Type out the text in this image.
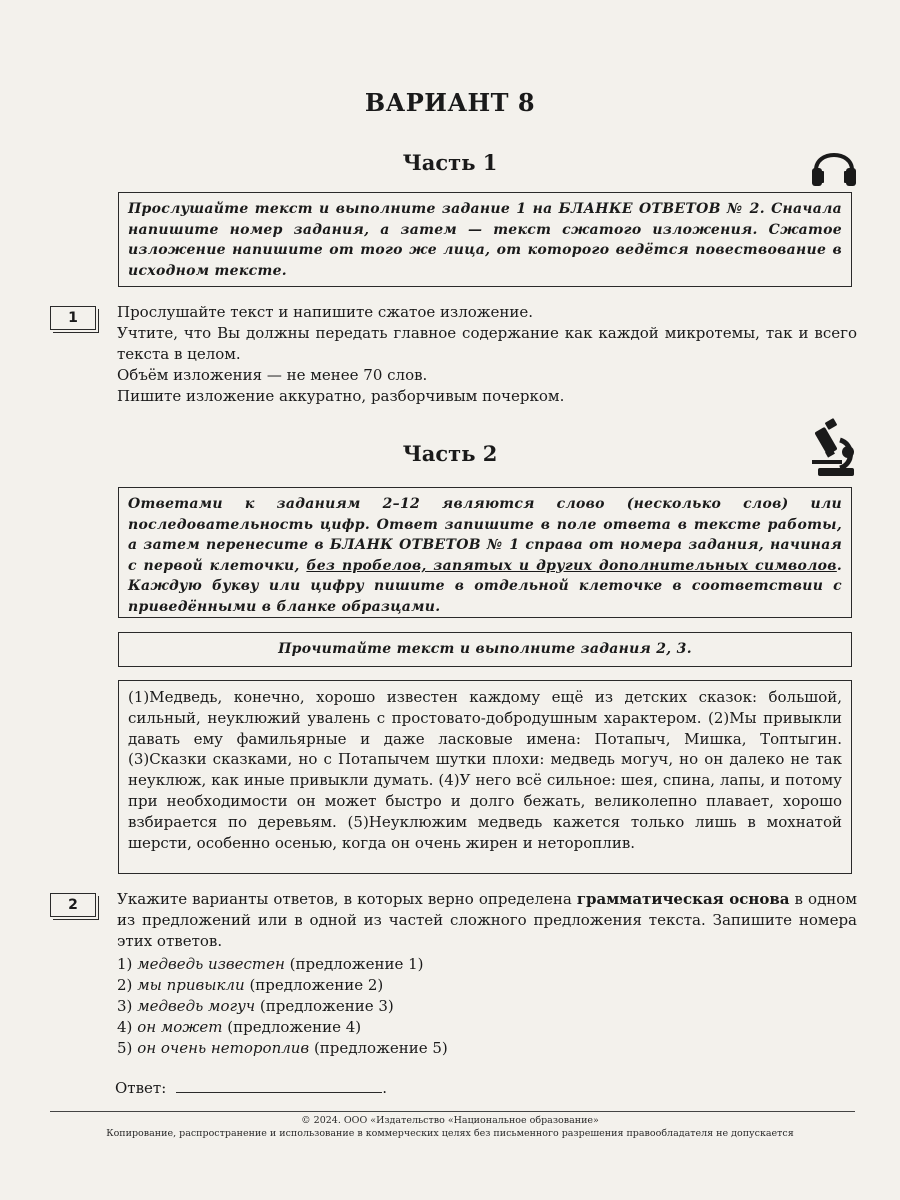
ВАРИАНТ 8
Часть 1
Прослушайте текст и выполните задание 1 на БЛАНКЕ ОТВЕТОВ № 2. Сначала напишите номер задания, а затем — текст сжатого изложения. Сжатое изложение напишите от того же лица, от которого ведётся повествование в исходном тексте.
1	Прослушайте текст и напишите сжатое изложение.

Учтите, что Вы должны передать главное содержание как каждой микротемы, так и всего текста в целом.

Объём изложения — не менее 70 слов.

Пишите изложение аккуратно, разборчивым почерком.

Часть 2
Ответами к заданиям 2–12 являются слово (несколько слов) или последовательность цифр. Ответ запишите в поле ответа в тексте работы, а затем перенесите в БЛАНК ОТВЕТОВ № 1 справа от номера задания, начиная с первой клеточки, без пробелов, запятых и других дополнительных символов. Каждую букву или цифру пишите в отдельной клеточке в соответствии с приведёнными в бланке образцами.
Прочитайте текст и выполните задания 2, 3.
(1)Медведь, конечно, хорошо известен каждому ещё из детских сказок: большой, сильный, неуклюжий увалень с простовато-добродушным характером. (2)Мы привыкли давать ему фамильярные и даже ласковые имена: Потапыч, Мишка, Топтыгин. (3)Сказки сказками, но с Потапычем шутки плохи: медведь могуч, но он далеко не так неуклюж, как иные привыкли думать. (4)У него всё сильное: шея, спина, лапы, и потому при необходимости он может быстро и долго бежать, великолепно плавает, хорошо взбирается по деревьям. (5)Неуклюжим медведь кажется только лишь в мохнатой шерсти, особенно осенью, когда он очень жирен и нетороплив.
2	Укажите варианты ответов, в которых верно определена грамматическая основа в одном из предложений или в одной из частей сложного предложения текста. Запишите номера этих ответов.

1) медведь известен (предложение 1)

2) мы привыкли (предложение 2)

3) медведь могуч (предложение 3)

4) он может (предложение 4)

5) он очень нетороплив (предложение 5)

Ответ:	.
© 2024. ООО «Издательство «Национальное образование»
Копирование, распространение и использование в коммерческих целях без письменного разрешения правообладателя не допускается
